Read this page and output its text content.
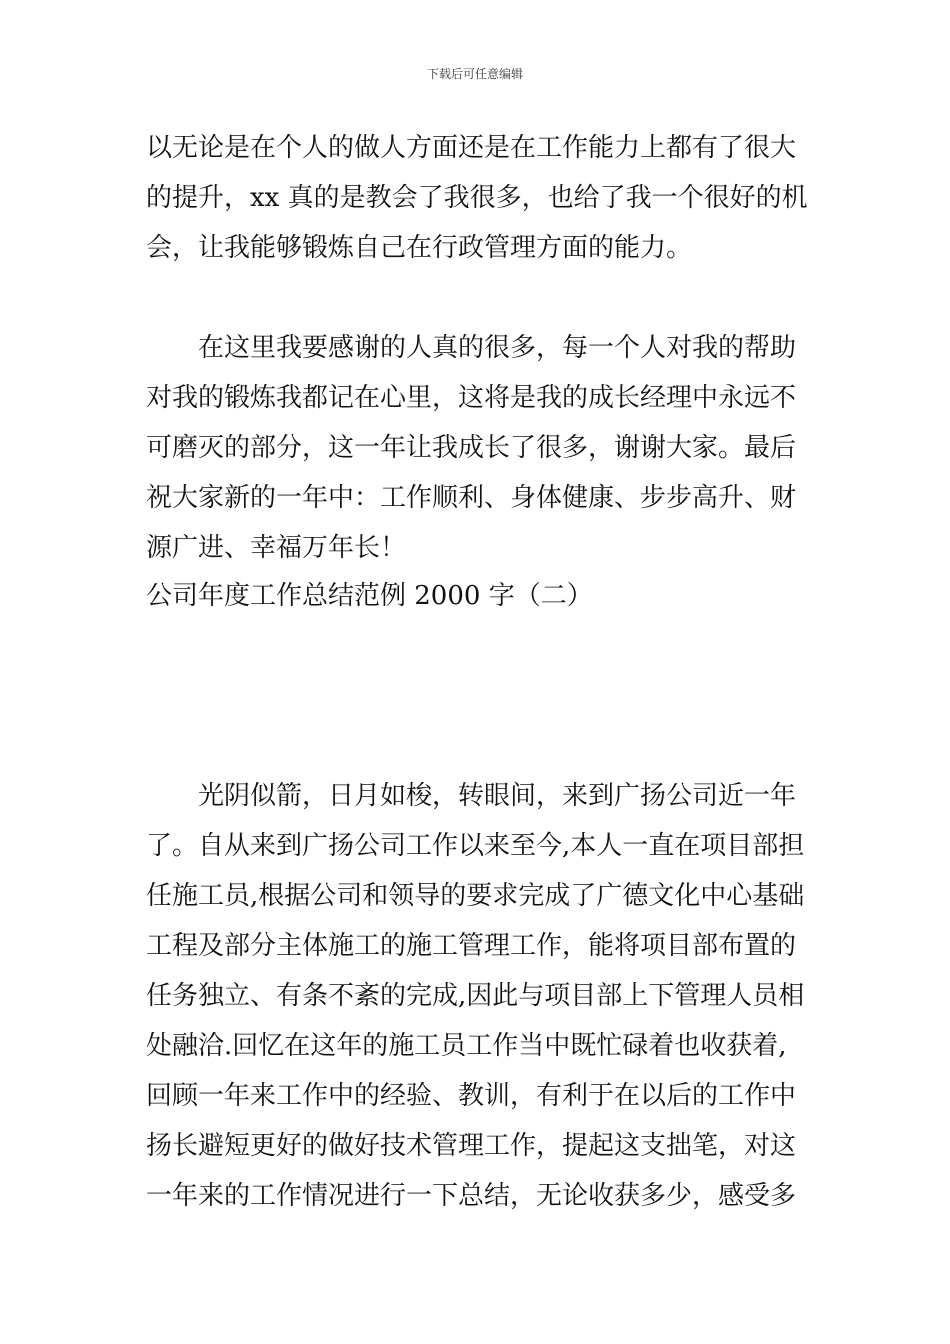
下载后可任意编辑
以无论是在个人的做人方面还是在工作能力上都有了很大
的提升，xx 真的是教会了我很多，也给了我一个很好的机
会，让我能够锻炼自己在行政管理方面的能力。
在这里我要感谢的人真的很多，每一个人对我的帮助
对我的锻炼我都记在心里，这将是我的成长经理中永远不
可磨灭的部分，这一年让我成长了很多，谢谢大家。最后
祝大家新的一年中：工作顺利、身体健康、步步高升、财
源广进、幸福万年长！
公司年度工作总结范例 2000 字（二）
光阴似箭，日月如梭，转眼间，来到广扬公司近一年
了。自从来到广扬公司工作以来至今,本人一直在项目部担
任施工员,根据公司和领导的要求完成了广德文化中心基础
工程及部分主体施工的施工管理工作，能将项目部布置的
任务独立、有条不紊的完成,因此与项目部上下管理人员相
处融洽.回忆在这年的施工员工作当中既忙碌着也收获着,
回顾一年来工作中的经验、教训，有利于在以后的工作中
扬长避短更好的做好技术管理工作，提起这支拙笔，对这
一年来的工作情况进行一下总结，无论收获多少，感受多
